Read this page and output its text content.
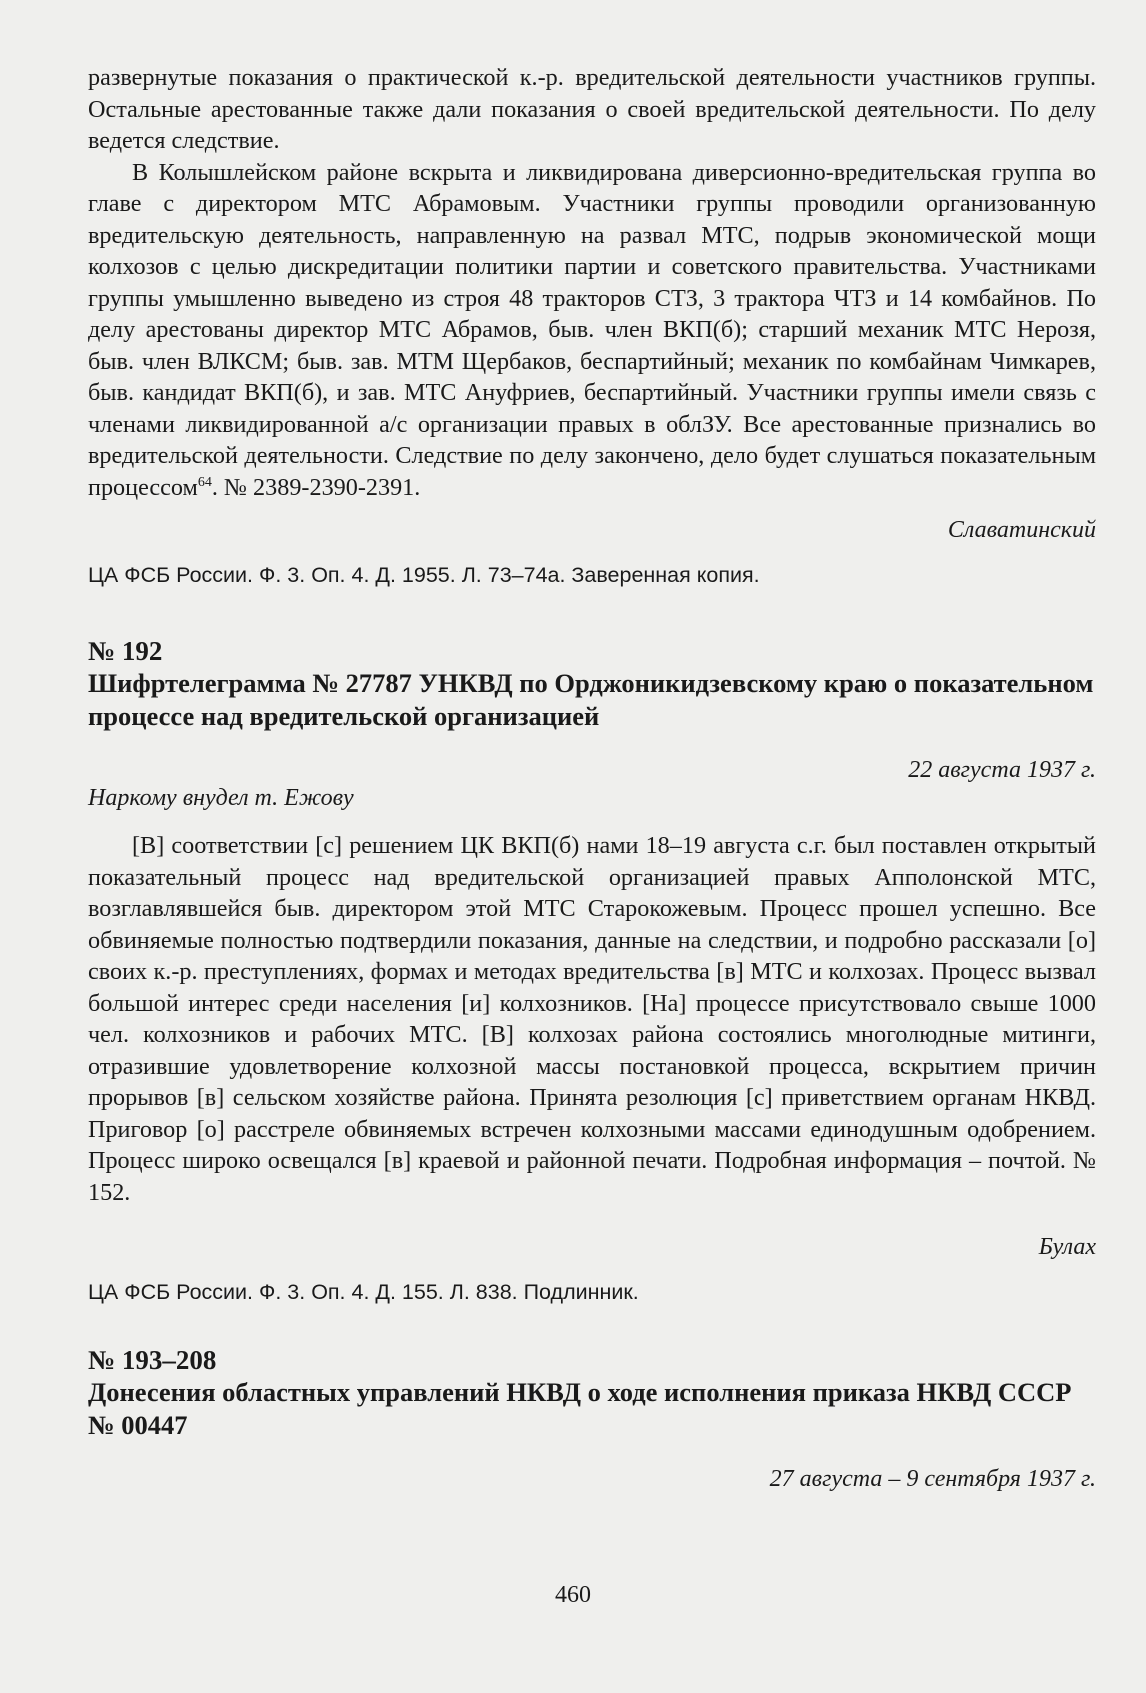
развернутые показания о практической к.-р. вредительской деятельности участников группы. Остальные арестованные также дали показания о своей вредительской деятельности. По делу ведется следствие.

В Колышлейском районе вскрыта и ликвидирована диверсионно-вредительская группа во главе с директором МТС Абрамовым. Участники группы проводили организованную вредительскую деятельность, направленную на развал МТС, подрыв экономической мощи колхозов с целью дискредитации политики партии и советского правительства. Участниками группы умышленно выведено из строя 48 тракторов СТЗ, 3 трактора ЧТЗ и 14 комбайнов. По делу арестованы директор МТС Абрамов, быв. член ВКП(б); старший механик МТС Нерозя, быв. член ВЛКСМ; быв. зав. МТМ Щербаков, беспартийный; механик по комбайнам Чимкарев, быв. кандидат ВКП(б), и зав. МТС Ануфриев, беспартийный. Участники группы имели связь с членами ликвидированной а/с организации правых в облЗУ. Все арестованные признались во вредительской деятельности. Следствие по делу закончено, дело будет слушаться показательным процессом$^{64}$. № 2389-2390-2391.

Славатинский

ЦА ФСБ России. Ф. 3. Оп. 4. Д. 1955. Л. 73–74а. Заверенная копия.

№ 192

Шифртелеграмма № 27787 УНКВД по Орджоникидзевскому краю о показательном процессе над вредительской организацией

22 августа 1937 г.

Наркому внудел т. Ежову

[В] соответствии [с] решением ЦК ВКП(б) нами 18–19 августа с.г. был поставлен открытый показательный процесс над вредительской организацией правых Апполонской МТС, возглавлявшейся быв. директором этой МТС Старокожевым. Процесс прошел успешно. Все обвиняемые полностью подтвердили показания, данные на следствии, и подробно рассказали [о] своих к.-р. преступлениях, формах и методах вредительства [в] МТС и колхозах. Процесс вызвал большой интерес среди населения [и] колхозников. [На] процессе присутствовало свыше 1000 чел. колхозников и рабочих МТС. [В] колхозах района состоялись многолюдные митинги, отразившие удовлетворение колхозной массы постановкой процесса, вскрытием причин прорывов [в] сельском хозяйстве района. Принята резолюция [с] приветствием органам НКВД. Приговор [о] расстреле обвиняемых встречен колхозными массами единодушным одобрением. Процесс широко освещался [в] краевой и районной печати. Подробная информация – почтой. № 152.

Булах

ЦА ФСБ России. Ф. 3. Оп. 4. Д. 155. Л. 838. Подлинник.

№ 193–208

Донесения областных управлений НКВД о ходе исполнения приказа НКВД СССР № 00447

27 августа – 9 сентября 1937 г.

460
